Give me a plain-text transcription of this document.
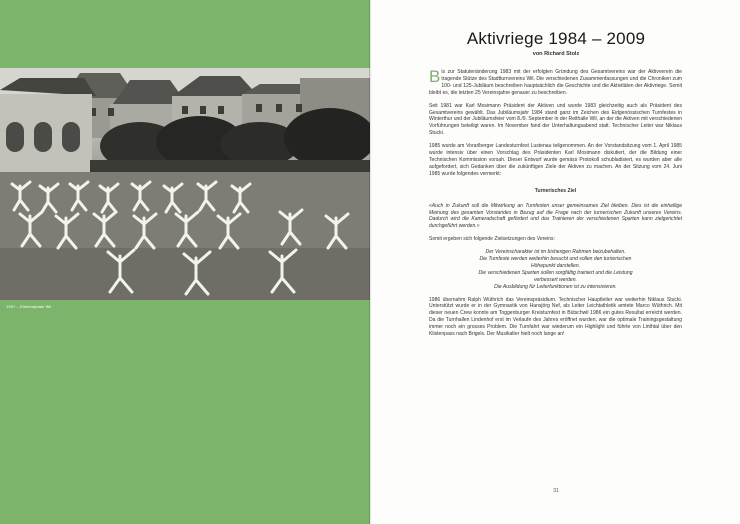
1957 – Kleinhofplatz Wil
Aktivriege 1984 – 2009
von Richard Stolz

Bis zur Statutenänderung 1983 mit der erfolgten Gründung des Gesamtvereins war der Aktivverein die tragende Stütze des Stadtturnvereins Wil. Die verschiedenen Zusammenfassungen und die Chroniken zum 100- und 125-Jubiläum beschreiben hauptsächlich die Geschichte und die Aktivitäten der Aktivriege. Somit bleibt es, die letzten 25 Vereinsjahre genauer zu beschreiben.

Seit 1981 war Karl Mosimann Präsident der Aktiven und wurde 1983 gleichzeitig auch als Präsident des Gesamtvereins gewählt. Das Jubiläumsjahr 1984 stand ganz im Zeichen des Eidgenössischen Turnfestes in Winterthur und der Jubiläumsfeier vom 8./9. September in der Reithalle Wil, an der die Aktiven mit verschiedenen Vorführungen beteiligt waren. Im November fand der Unterhaltungsabend statt. Technischer Leiter war Niklaus Stucki.

1985 wurde am Vorarlberger Landesturnfest Lustenau teilgenommen. An der Vorstandsitzung vom 1. April 1985 wurde intensiv über einen Vorschlag des Präsidenten Karl Mosimann diskutiert, der die Bildung einer Technischen Kommission vorsah. Dieser Entwurf wurde gemäss Protokoll schubladisiert, es wurden aber alle aufgefordert, sich Gedanken über die zukünftigen Ziele der Aktiven zu machen. An der Sitzung vom 24. Juni 1985 wurde folgendes vermerkt:

Turnerisches Ziel

«Auch in Zukunft soll die Mitwirkung an Turnfesten unser gemeinsames Ziel bleiben. Dies ist die einhellige Meinung des gesamten Vorstandes in Bezug auf die Frage nach der turnerischen Zukunft unseres Vereins. Dadurch wird die Kameradschaft gefördert und das Trainieren der verschiedenen Sparten kann zielgerichtet durchgeführt werden.»

Somit ergeben sich folgende Zielsetzungen des Vereins:

Der Vereinscharakter ist im bisherigen Rahmen beizubehalten.
Die Turnfeste werden weiterhin besucht und sollen den turnerischen
Höhepunkt darstellen.
Die verschiedenen Sparten sollen sorgfältig trainiert und die Leistung
verbessert werden.
Die Ausbildung für Leiterfunktionen ist zu intensivieren.

1986 übernahm Ralph Wüthrich das Vereinspräsidium. Technischer Hauptleiter war weiterhin Niklaus Stucki. Unterstützt wurde er in der Gymnastik von Hansjörg Nef, als Leiter Leichtathletik amtete Marco Wüthrich. Mit dieser neuen Crew konnte am Toggenburger Kreisturnfest in Bütschwil 1986 ein gutes Resultat erreicht werden. Da die Turnhallen Lindenhof erst im Verlaufe des Jahres eröffnet wurden, war die optimale Trainingsgestaltung immer noch ein grosses Problem. Die Turnfahrt war wiederum ein Highlight und führte von Linthtal über den Klistenpass nach Brigels. Der Musikalter hielt noch lange an!

31
